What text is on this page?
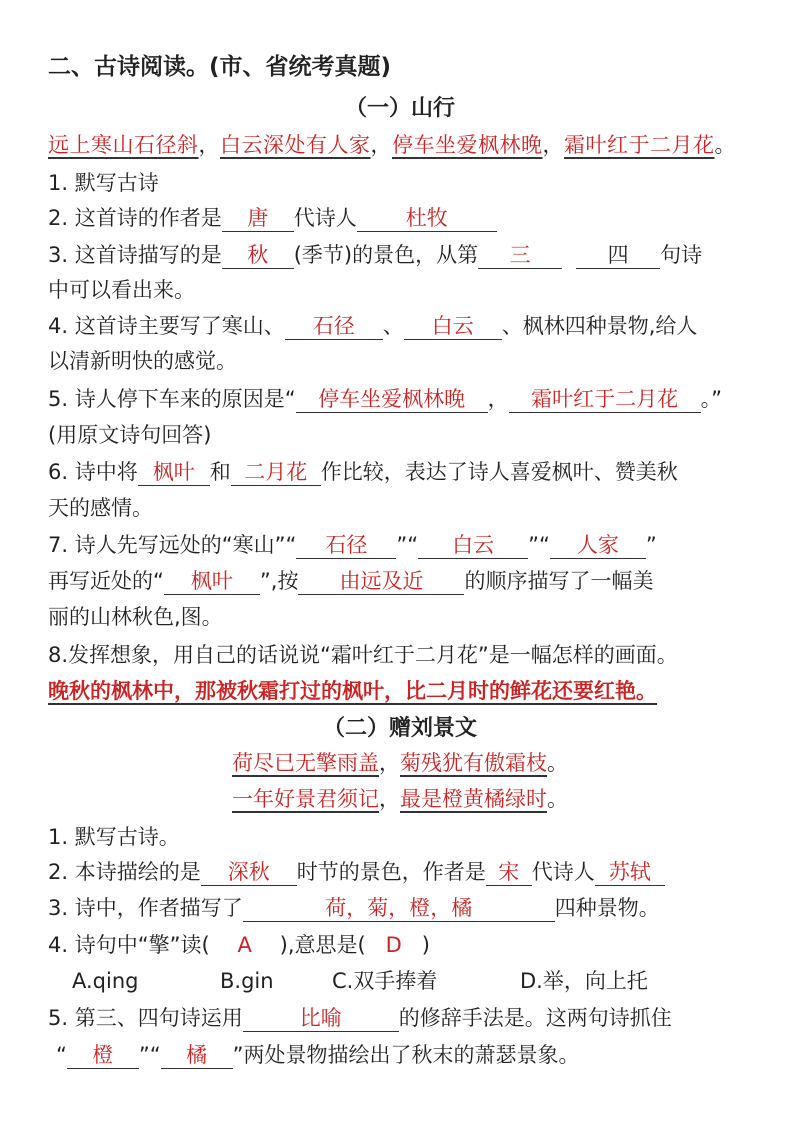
二、古诗阅读。(市、省统考真题)
（一）山行
远上寒山石径斜，白云深处有人家，停车坐爱枫林晚，霜叶红于二月花。
1. 默写古诗
2. 这首诗的作者是 唐 代诗人 杜牧
3. 这首诗描写的是 秋 (季节)的景色，从第 三	四 句诗
中可以看出来。
4. 这首诗主要写了寒山、 石径 、 白云 、枫林四种景物,给人
以清新明快的感觉。
5. 诗人停下车来的原因是“ 停车坐爱枫林晚 ， 霜叶红于二月花 。”
(用原文诗句回答)
6. 诗中将 枫叶 和 二月花 作比较，表达了诗人喜爱枫叶、赞美秋
天的感情。
7. 诗人先写远处的“寒山”“ 石径 ”“ 白云 ”“ 人家 ”
再写近处的“ 枫叶 ”,按 由远及近 的顺序描写了一幅美
丽的山林秋色,图。
8.发挥想象，用自己的话说说“霜叶红于二月花”是一幅怎样的画面。
晚秋的枫林中，那被秋霜打过的枫叶，比二月时的鲜花还要红艳。
（二）赠刘景文
荷尽已无擎雨盖，菊残犹有傲霜枝。
一年好景君须记，最是橙黄橘绿时。
1. 默写古诗。
2. 本诗描绘的是 深秋 时节的景色，作者是 宋 代诗人 苏轼
3. 诗中，作者描写了	荷，菊，橙，橘	四种景物。
4. 诗句中“擎”读( A ),意思是( D )
A.qing	B.gin	C.双手捧着	D.举，向上托
5. 第三、四句诗运用	比喻	的修辞手法是。这两句诗抓住
“ 橙 ”“ 橘 ”两处景物描绘出了秋末的萧瑟景象。
